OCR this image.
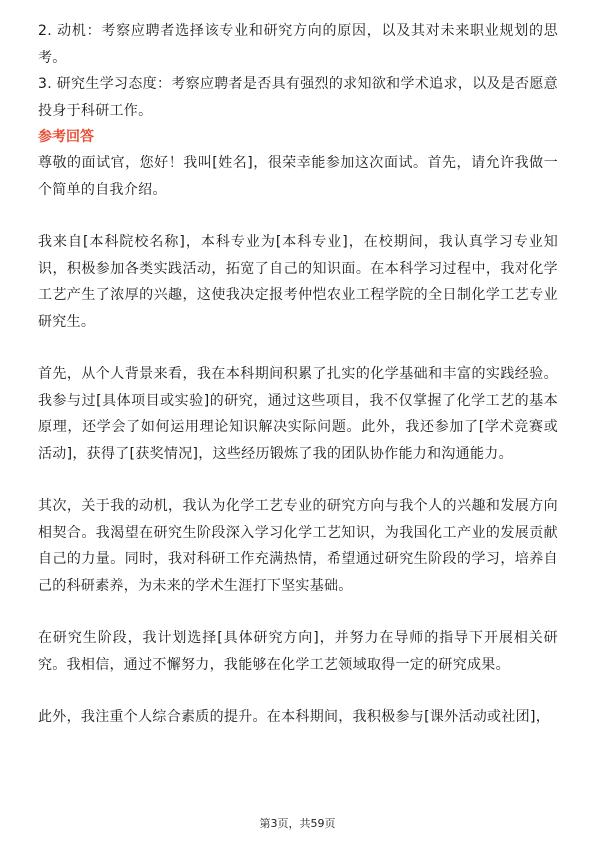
2. 动机：考察应聘者选择该专业和研究方向的原因，以及其对未来职业规划的思考。

3. 研究生学习态度：考察应聘者是否具有强烈的求知欲和学术追求，以及是否愿意投身于科研工作。

参考回答

尊敬的面试官，您好！我叫[姓名]，很荣幸能参加这次面试。首先，请允许我做一个简单的自我介绍。

我来自[本科院校名称]，本科专业为[本科专业]，在校期间，我认真学习专业知识，积极参加各类实践活动，拓宽了自己的知识面。在本科学习过程中，我对化学工艺产生了浓厚的兴趣，这使我决定报考仲恺农业工程学院的全日制化学工艺专业研究生。

首先，从个人背景来看，我在本科期间积累了扎实的化学基础和丰富的实践经验。我参与过[具体项目或实验]的研究，通过这些项目，我不仅掌握了化学工艺的基本原理，还学会了如何运用理论知识解决实际问题。此外，我还参加了[学术竞赛或活动]，获得了[获奖情况]，这些经历锻炼了我的团队协作能力和沟通能力。

其次，关于我的动机，我认为化学工艺专业的研究方向与我个人的兴趣和发展方向相契合。我渴望在研究生阶段深入学习化学工艺知识，为我国化工产业的发展贡献自己的力量。同时，我对科研工作充满热情，希望通过研究生阶段的学习，培养自己的科研素养，为未来的学术生涯打下坚实基础。

在研究生阶段，我计划选择[具体研究方向]，并努力在导师的指导下开展相关研究。我相信，通过不懈努力，我能够在化学工艺领域取得一定的研究成果。

此外，我注重个人综合素质的提升。在本科期间，我积极参与[课外活动或社团]，

第3页，共59页
